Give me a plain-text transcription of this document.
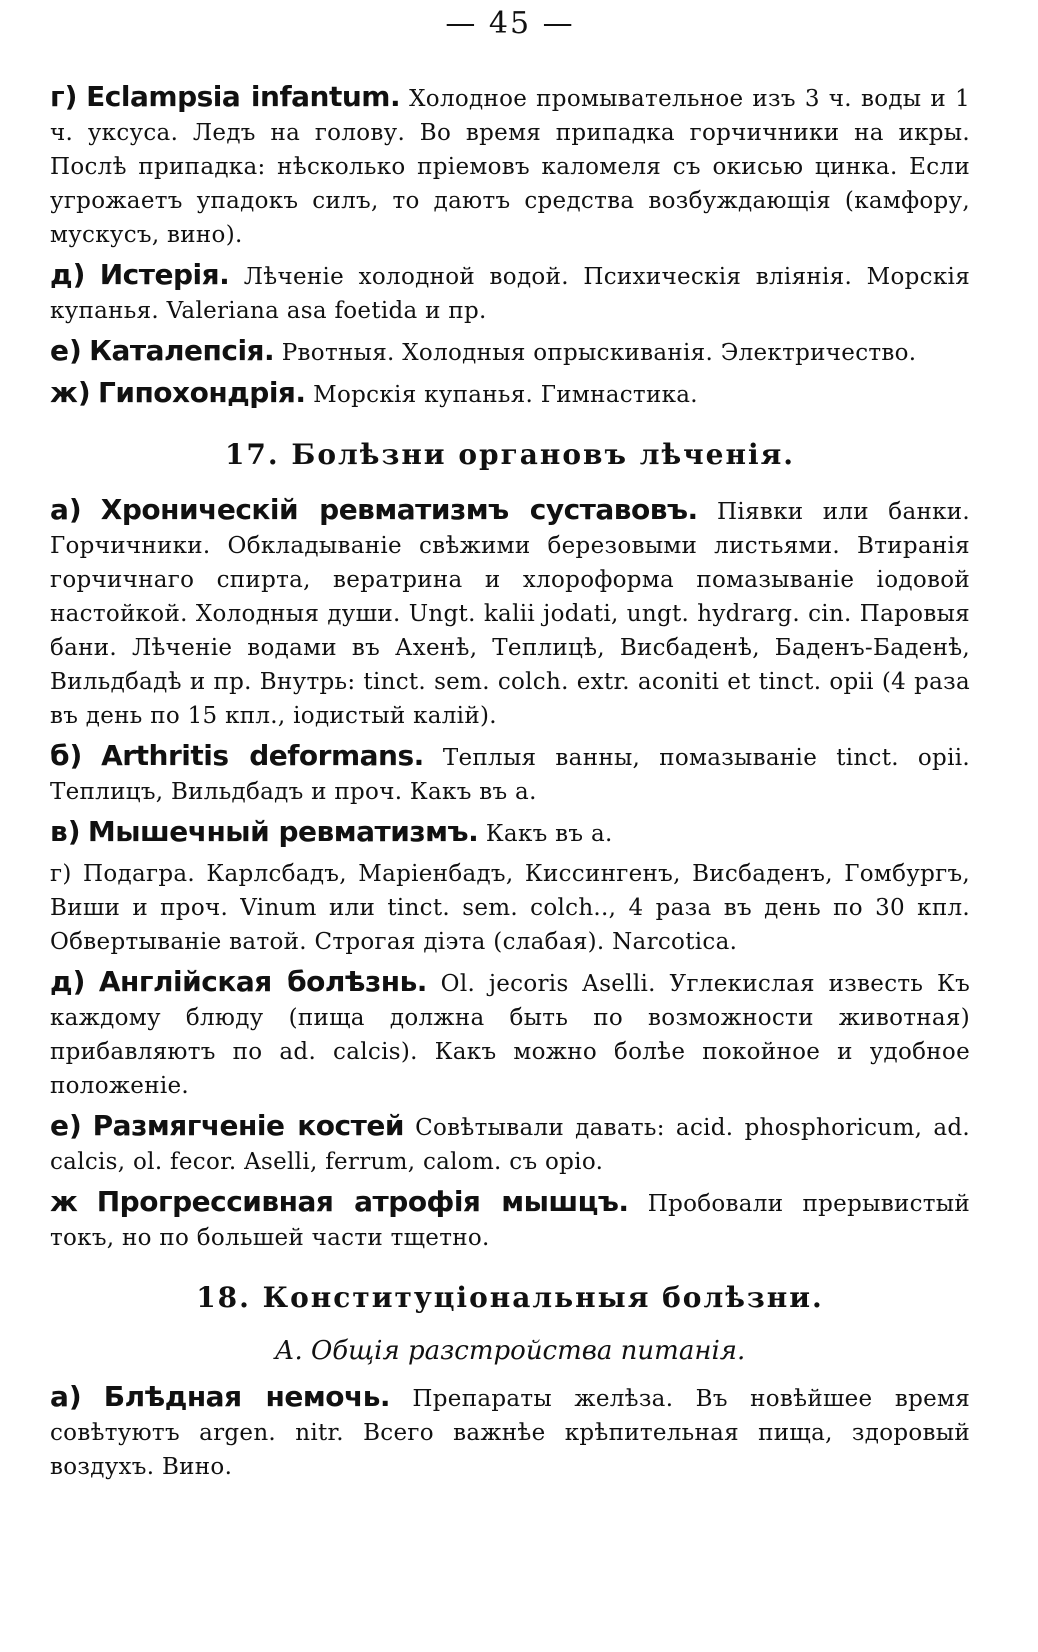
— 45 —

г) Eclampsia infantum. Холодное промывательное изъ 3 ч. воды и 1 ч. уксуса. Ледъ на голову. Во время припадка горчичники на икры. Послѣ припадка: нѣсколько пріемовъ каломеля съ окисью цинка. Если угрожаетъ упадокъ силъ, то даютъ средства возбуждающія (камфору, мускусъ, вино).

д) Истерія. Лѣченіе холодной водой. Психическія вліянія. Морскія купанья. Valeriana asa foetida и пр.

е) Каталепсія. Рвотныя. Холодныя опрыскиванія. Электричество.

ж) Гипохондрія. Морскія купанья. Гимнастика.

17. Болѣзни органовъ лѣченія.

а) Хроническій ревматизмъ суставовъ. Піявки или банки. Горчичники. Обкладываніе свѣжими березовыми листьями. Втиранія горчичнаго спирта, вератрина и хлороформа помазываніе іодовой настойкой. Холодныя души. Ungt. kalii jodati, ungt. hydrarg. cin. Паровыя бани. Лѣченіе водами въ Ахенѣ, Теплицѣ, Висбаденѣ, Баденъ-Баденѣ, Вильдбадѣ и пр. Внутрь: tinct. sem. colch. extr. aconiti et tinct. opii (4 раза въ день по 15 кпл., іодистый калій).

б) Arthritis deformans. Теплыя ванны, помазываніе tinct. opii. Теплицъ, Вильдбадъ и проч. Какъ въ а.

в) Мышечный ревматизмъ. Какъ въ а.

г) Подагра. Карлсбадъ, Маріенбадъ, Киссингенъ, Висбаденъ, Гомбургъ, Виши и проч. Vinum или tinct. sem. colch.., 4 раза въ день по 30 кпл. Обвертываніе ватой. Строгая діэта (слабая). Narcotica.

д) Англійская болѣзнь. Ol. jecoris Aselli. Углекислая известь Къ каждому блюду (пища должна быть по возможности животная) прибавляютъ по ad. calcis). Какъ можно болѣе покойное и удобное положеніе.

е) Размягченіе костей Совѣтывали давать: acid. phosphoricum, ad. calcis, ol. fecor. Aselli, ferrum, calom. съ opio.

ж Прогрессивная атрофія мышцъ. Пробовали прерывистый токъ, но по большей части тщетно.

18. Конституціональныя болѣзни.
А. Общія разстройства питанія.

а) Блѣдная немочь. Препараты желѣза. Въ новѣйшее время совѣтуютъ argen. nitr. Всего важнѣе крѣпительная пища, здоровый воздухъ. Вино.
